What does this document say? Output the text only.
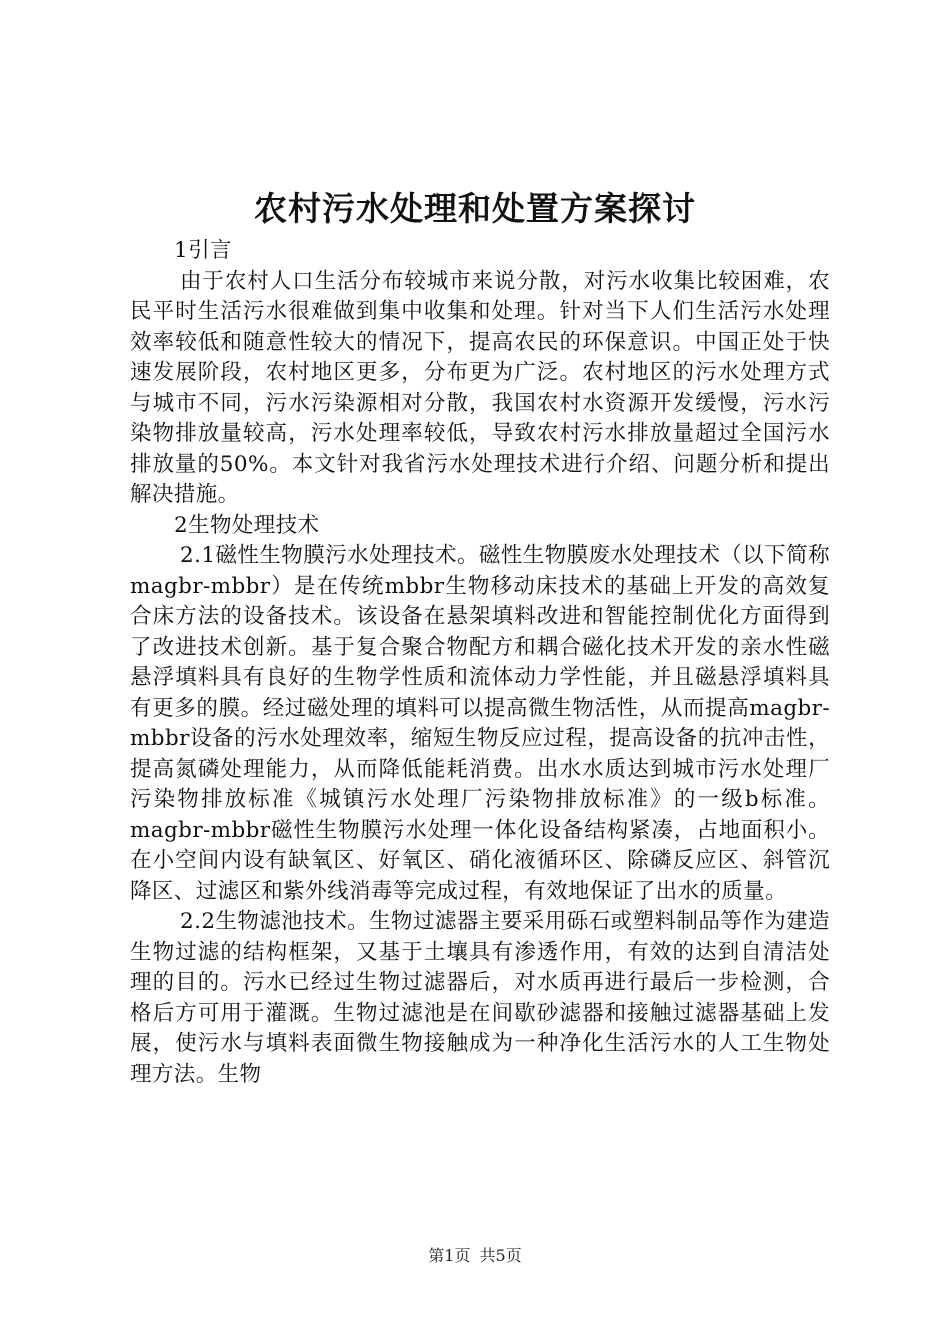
农村污水处理和处置方案探讨

1引言

由于农村人口生活分布较城市来说分散，对污水收集比较困难，农民平时生活污水很难做到集中收集和处理。针对当下人们生活污水处理效率较低和随意性较大的情况下，提高农民的环保意识。中国正处于快速发展阶段，农村地区更多，分布更为广泛。农村地区的污水处理方式与城市不同，污水污染源相对分散，我国农村水资源开发缓慢，污水污染物排放量较高，污水处理率较低，导致农村污水排放量超过全国污水排放量的50%。本文针对我省污水处理技术进行介绍、问题分析和提出解决措施。

2生物处理技术

2.1磁性生物膜污水处理技术。磁性生物膜废水处理技术（以下简称magbr-mbbr）是在传统mbbr生物移动床技术的基础上开发的高效复合床方法的设备技术。该设备在悬架填料改进和智能控制优化方面得到了改进技术创新。基于复合聚合物配方和耦合磁化技术开发的亲水性磁悬浮填料具有良好的生物学性质和流体动力学性能，并且磁悬浮填料具有更多的膜。经过磁处理的填料可以提高微生物活性，从而提高magbr-mbbr设备的污水处理效率，缩短生物反应过程，提高设备的抗冲击性，提高氮磷处理能力，从而降低能耗消费。出水水质达到城市污水处理厂污染物排放标准《城镇污水处理厂污染物排放标准》的一级b标准。magbr-mbbr磁性生物膜污水处理一体化设备结构紧凑，占地面积小。在小空间内设有缺氧区、好氧区、硝化液循环区、除磷反应区、斜管沉降区、过滤区和紫外线消毒等完成过程，有效地保证了出水的质量。

2.2生物滤池技术。生物过滤器主要采用砾石或塑料制品等作为建造生物过滤的结构框架，又基于土壤具有渗透作用，有效的达到自清洁处理的目的。污水已经过生物过滤器后，对水质再进行最后一步检测，合格后方可用于灌溉。生物过滤池是在间歇砂滤器和接触过滤器基础上发展，使污水与填料表面微生物接触成为一种净化生活污水的人工生物处理方法。生物

第1页 共5页
